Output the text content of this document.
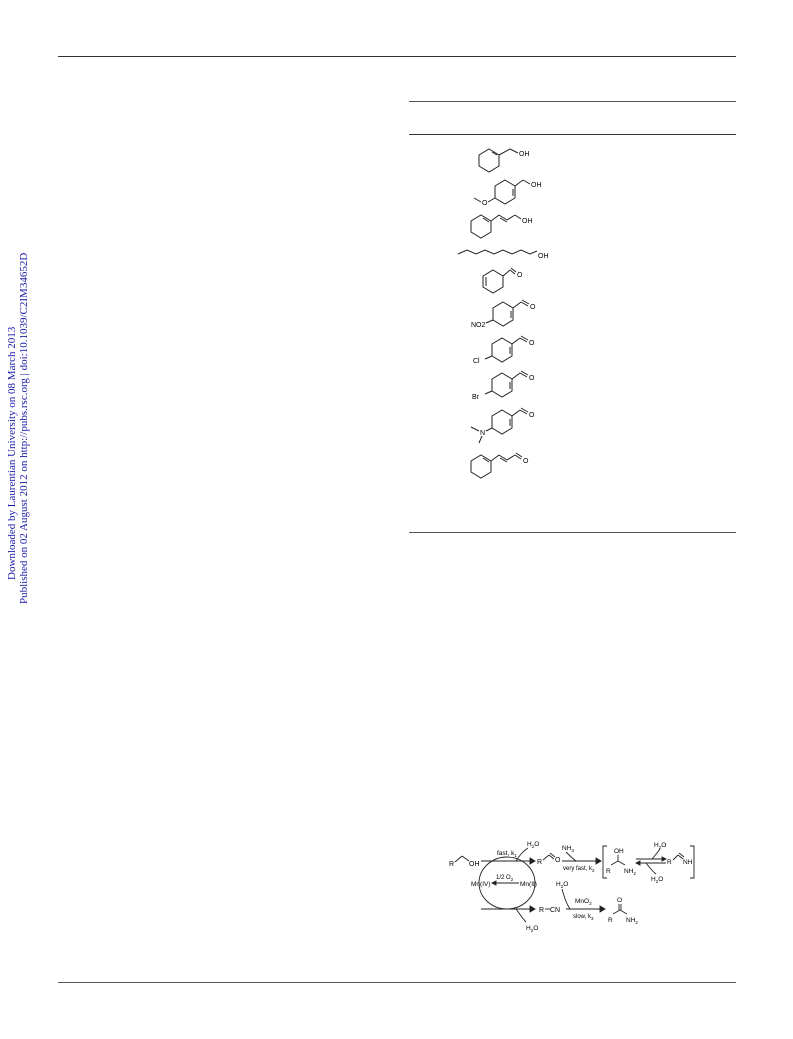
Downloaded by Laurentian University on 08 March 2013 Published on 02 August 2012 on http://pubs.rsc.org | doi:10.1039/C2IM34652D
OH
OH
O
OH
OH
O
O
NO2
O
Cl
O
Br
O
N
O
R OH
fast, $k_1$
$H_2O$
R O
$NH_3$
very fast, $k_2$
OH
R $NH_2$
$H_2O$
$H_2O$
R NH
1/2 $O_2$
Mn(IV)	Mn(II)
$H_2O$
R CN
$H_2O$
MnO$_2$
slow, $k_3$
O
R $NH_2$
